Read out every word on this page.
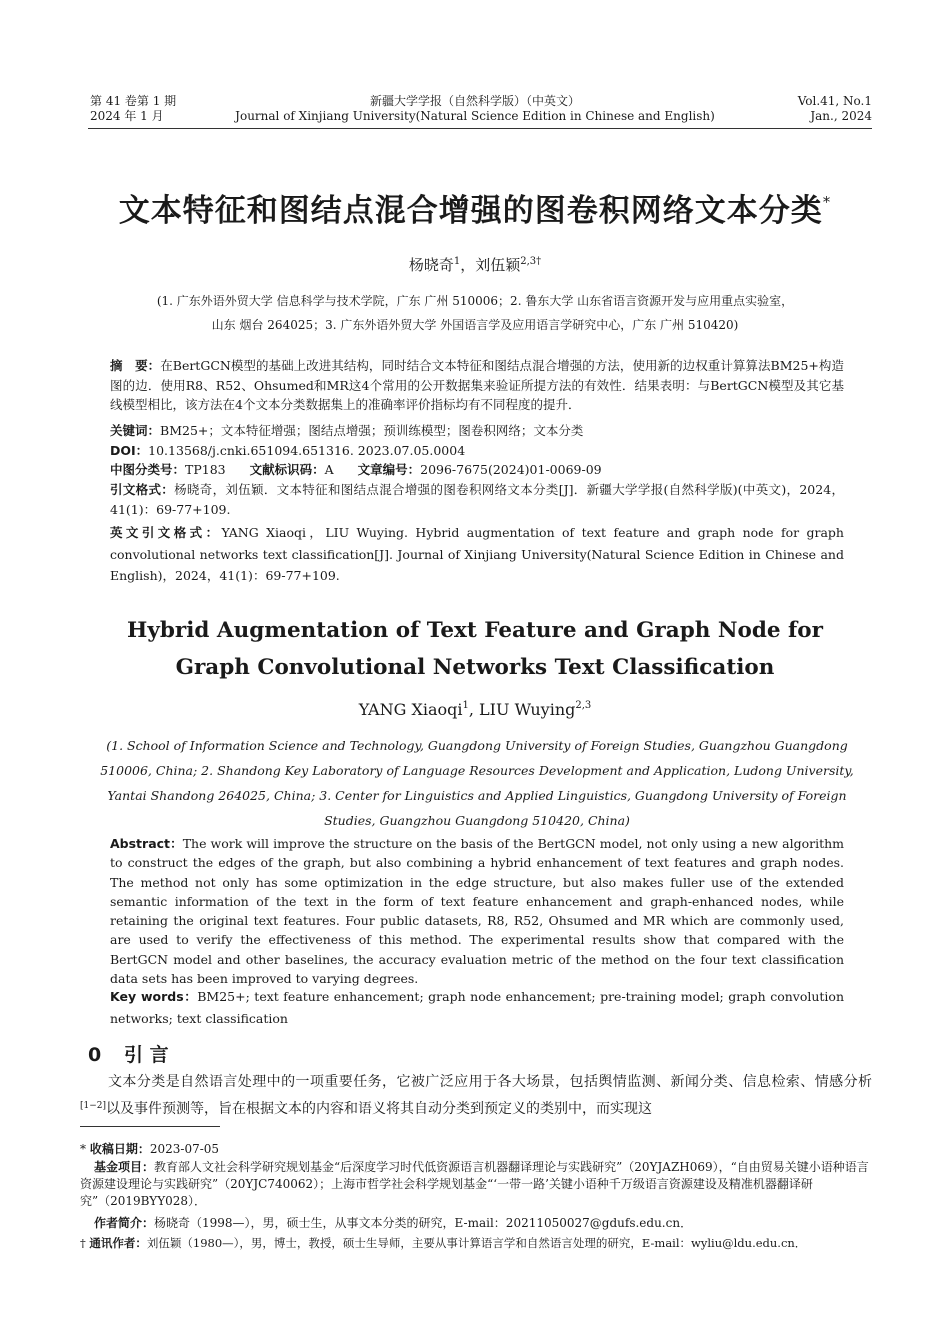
第 41 卷第 1 期
2024 年 1 月
新疆大学学报（自然科学版）（中英文）
Journal of Xinjiang University(Natural Science Edition in Chinese and English)
Vol.41, No.1
Jan., 2024
文本特征和图结点混合增强的图卷积网络文本分类*
杨晓奇$^1$，刘伍颖$^{2,3\dagger}$
(1. 广东外语外贸大学 信息科学与技术学院，广东 广州 510006；2. 鲁东大学 山东省语言资源开发与应用重点实验室，
山东 烟台 264025；3. 广东外语外贸大学 外国语言学及应用语言学研究中心，广东 广州 510420)
摘　要：在BertGCN模型的基础上改进其结构，同时结合文本特征和图结点混合增强的方法，使用新的边权重计算算法BM25+构造图的边．使用R8、R52、Ohsumed和MR这4个常用的公开数据集来验证所提方法的有效性．结果表明：与BertGCN模型及其它基线模型相比，该方法在4个文本分类数据集上的准确率评价指标均有不同程度的提升．
关键词：BM25+；文本特征增强；图结点增强；预训练模型；图卷积网络；文本分类
DOI：10.13568/j.cnki.651094.651316. 2023.07.05.0004
中图分类号：TP183 文献标识码：A 文章编号：2096-7675(2024)01-0069-09
引文格式：杨晓奇，刘伍颖．文本特征和图结点混合增强的图卷积网络文本分类[J]．新疆大学学报(自然科学版)(中英文)，2024，41(1)：69-77+109.
英文引文格式：YANG Xiaoqi，LIU Wuying. Hybrid augmentation of text feature and graph node for graph convolutional networks text classification[J]. Journal of Xinjiang University(Natural Science Edition in Chinese and English)，2024，41(1)：69-77+109.
Hybrid Augmentation of Text Feature and Graph Node for
Graph Convolutional Networks Text Classification
YANG Xiaoqi$^1$, LIU Wuying$^{2,3}$
(1. School of Information Science and Technology, Guangdong University of Foreign Studies, Guangzhou Guangdong
510006, China; 2. Shandong Key Laboratory of Language Resources Development and Application, Ludong University,
Yantai Shandong 264025, China; 3. Center for Linguistics and Applied Linguistics, Guangdong University of Foreign
Studies, Guangzhou Guangdong 510420, China)
Abstract：The work will improve the structure on the basis of the BertGCN model, not only using a new algorithm to construct the edges of the graph, but also combining a hybrid enhancement of text features and graph nodes. The method not only has some optimization in the edge structure, but also makes fuller use of the extended semantic information of the text in the form of text feature enhancement and graph-enhanced nodes, while retaining the original text features. Four public datasets, R8, R52, Ohsumed and MR which are commonly used, are used to verify the effectiveness of this method. The experimental results show that compared with the BertGCN model and other baselines, the accuracy evaluation metric of the method on the four text classification data sets has been improved to varying degrees.
Key words：BM25+; text feature enhancement; graph node enhancement; pre-training model; graph convolution networks; text classification
0 引 言
文本分类是自然语言处理中的一项重要任务，它被广泛应用于各大场景，包括舆情监测、新闻分类、信息检索、情感分析[1−2]以及事件预测等，旨在根据文本的内容和语义将其自动分类到预定义的类别中，而实现这
* 收稿日期：2023-07-05
基金项目：教育部人文社会科学研究规划基金“后深度学习时代低资源语言机器翻译理论与实践研究”（20YJAZH069），“自由贸易关键小语种语言资源建设理论与实践研究”（20YJC740062）；上海市哲学社会科学规划基金“‘一带一路’关键小语种千万级语言资源建设及精准机器翻译研究”（2019BYY028）．
作者简介：杨晓奇（1998—），男，硕士生，从事文本分类的研究，E-mail：20211050027@gdufs.edu.cn．
† 通讯作者：刘伍颖（1980—），男，博士，教授，硕士生导师，主要从事计算语言学和自然语言处理的研究，E-mail：wyliu@ldu.edu.cn．
